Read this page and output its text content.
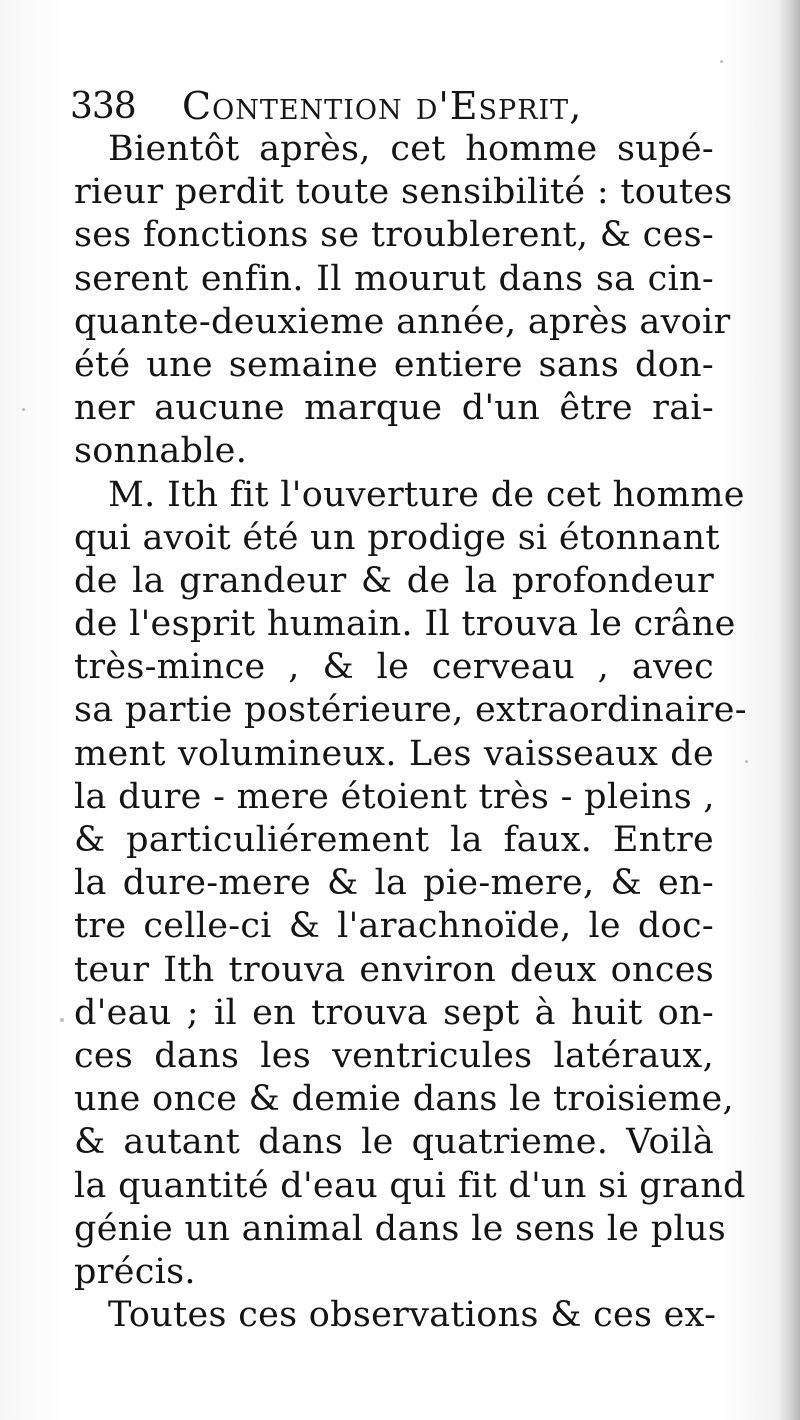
338 Contention d'Esprit,
Bientôt après, cet homme supé-
rieur perdit toute sensibilité : toutes
ses fonctions se troublerent, & ces-
serent enfin. Il mourut dans sa cin-
quante-deuxieme année, après avoir
été une semaine entiere sans don-
ner aucune marque d'un être rai-
sonnable.
M. Ith fit l'ouverture de cet homme
qui avoit été un prodige si étonnant
de la grandeur & de la profondeur
de l'esprit humain. Il trouva le crâne
très-mince , & le cerveau , avec
sa partie postérieure, extraordinaire-
ment volumineux. Les vaisseaux de
la dure - mere étoient très - pleins ,
& particuliérement la faux. Entre
la dure-mere & la pie-mere, & en-
tre celle-ci & l'arachnoïde, le doc-
teur Ith trouva environ deux onces
d'eau ; il en trouva sept à huit on-
ces dans les ventricules latéraux,
une once & demie dans le troisieme,
& autant dans le quatrieme. Voilà
la quantité d'eau qui fit d'un si grand
génie un animal dans le sens le plus
précis.
Toutes ces observations & ces ex-
